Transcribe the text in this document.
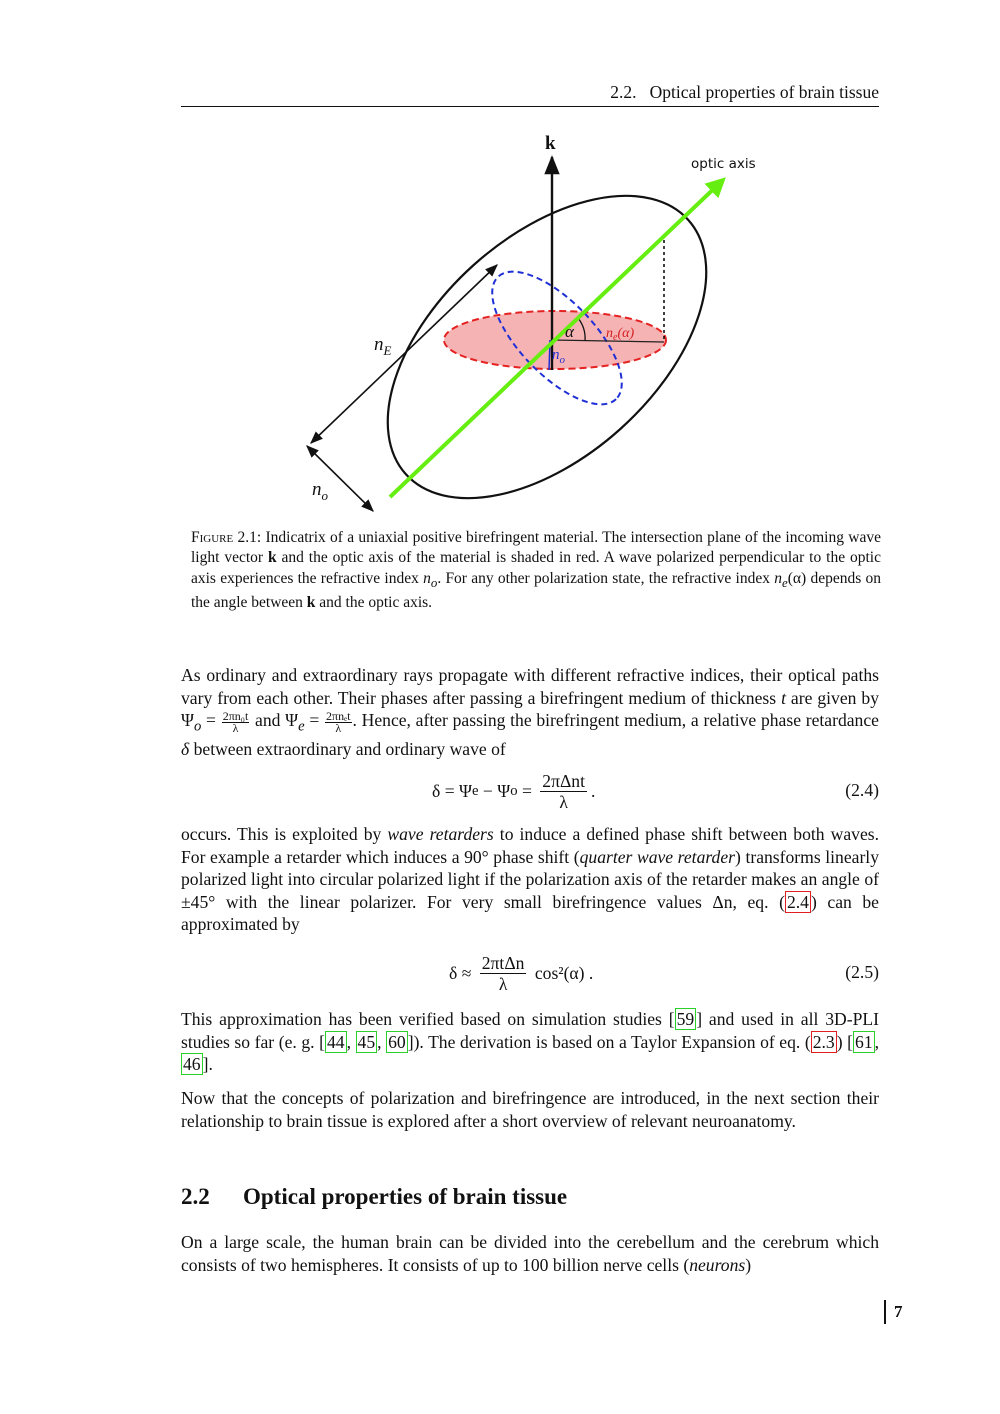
2.2.   Optical properties of brain tissue
k
optic axis
$n_E$
$n_o$
α $n_e(\alpha)$
$n_o$
Figure 2.1: Indicatrix of a uniaxial positive birefringent material. The intersection plane of the incoming wave light vector k and the optic axis of the material is shaded in red. A wave polarized perpendicular to the optic axis experiences the refractive index $n_o$. For any other polarization state, the refractive index $n_e(\alpha)$ depends on the angle between k and the optic axis.
As ordinary and extraordinary rays propagate with different refractive indices, their optical paths vary from each other. Their phases after passing a birefringent medium of thickness t are given by $\Psi_o = \frac{\text{2πn₀t}}{\lambda}$ and $\Psi_e = \frac{\text{2πnₑt}}{\lambda}$ . Hence, after passing the birefringent medium, a relative phase retardance δ between extraordinary and ordinary wave of
δ = Ψ e − Ψ $o = \frac{\text{2πΔnt}}{\lambda}$ .	(2.4)
occurs. This is exploited by wave retarders to induce a defined phase shift between both waves. For example a retarder which induces a 90° phase shift (quarter wave retarder) transforms linearly polarized light into circular polarized light if the polarization axis of the retarder makes an angle of ±45° with the linear polarizer. For very small birefringence values Δn, eq. ( 2.4 ) can be approximated by
$\delta \approx \frac{\text{2πtΔn}}{\lambda} \cos^2(\alpha)$ .	(2.5)
This approximation has been verified based on simulation studies [ 59 ] and used in all 3D-PLI studies so far (e. g. [ 44 , 45 , 60 ]). The derivation is based on a Taylor Expansion of eq. ( 2.3 ) [ 61 , 46 ].
Now that the concepts of polarization and birefringence are introduced, in the next section their relationship to brain tissue is explored after a short overview of relevant neuroanatomy.
2.2 Optical properties of brain tissue
On a large scale, the human brain can be divided into the cerebellum and the cerebrum which consists of two hemispheres. It consists of up to 100 billion nerve cells (neurons)
7
